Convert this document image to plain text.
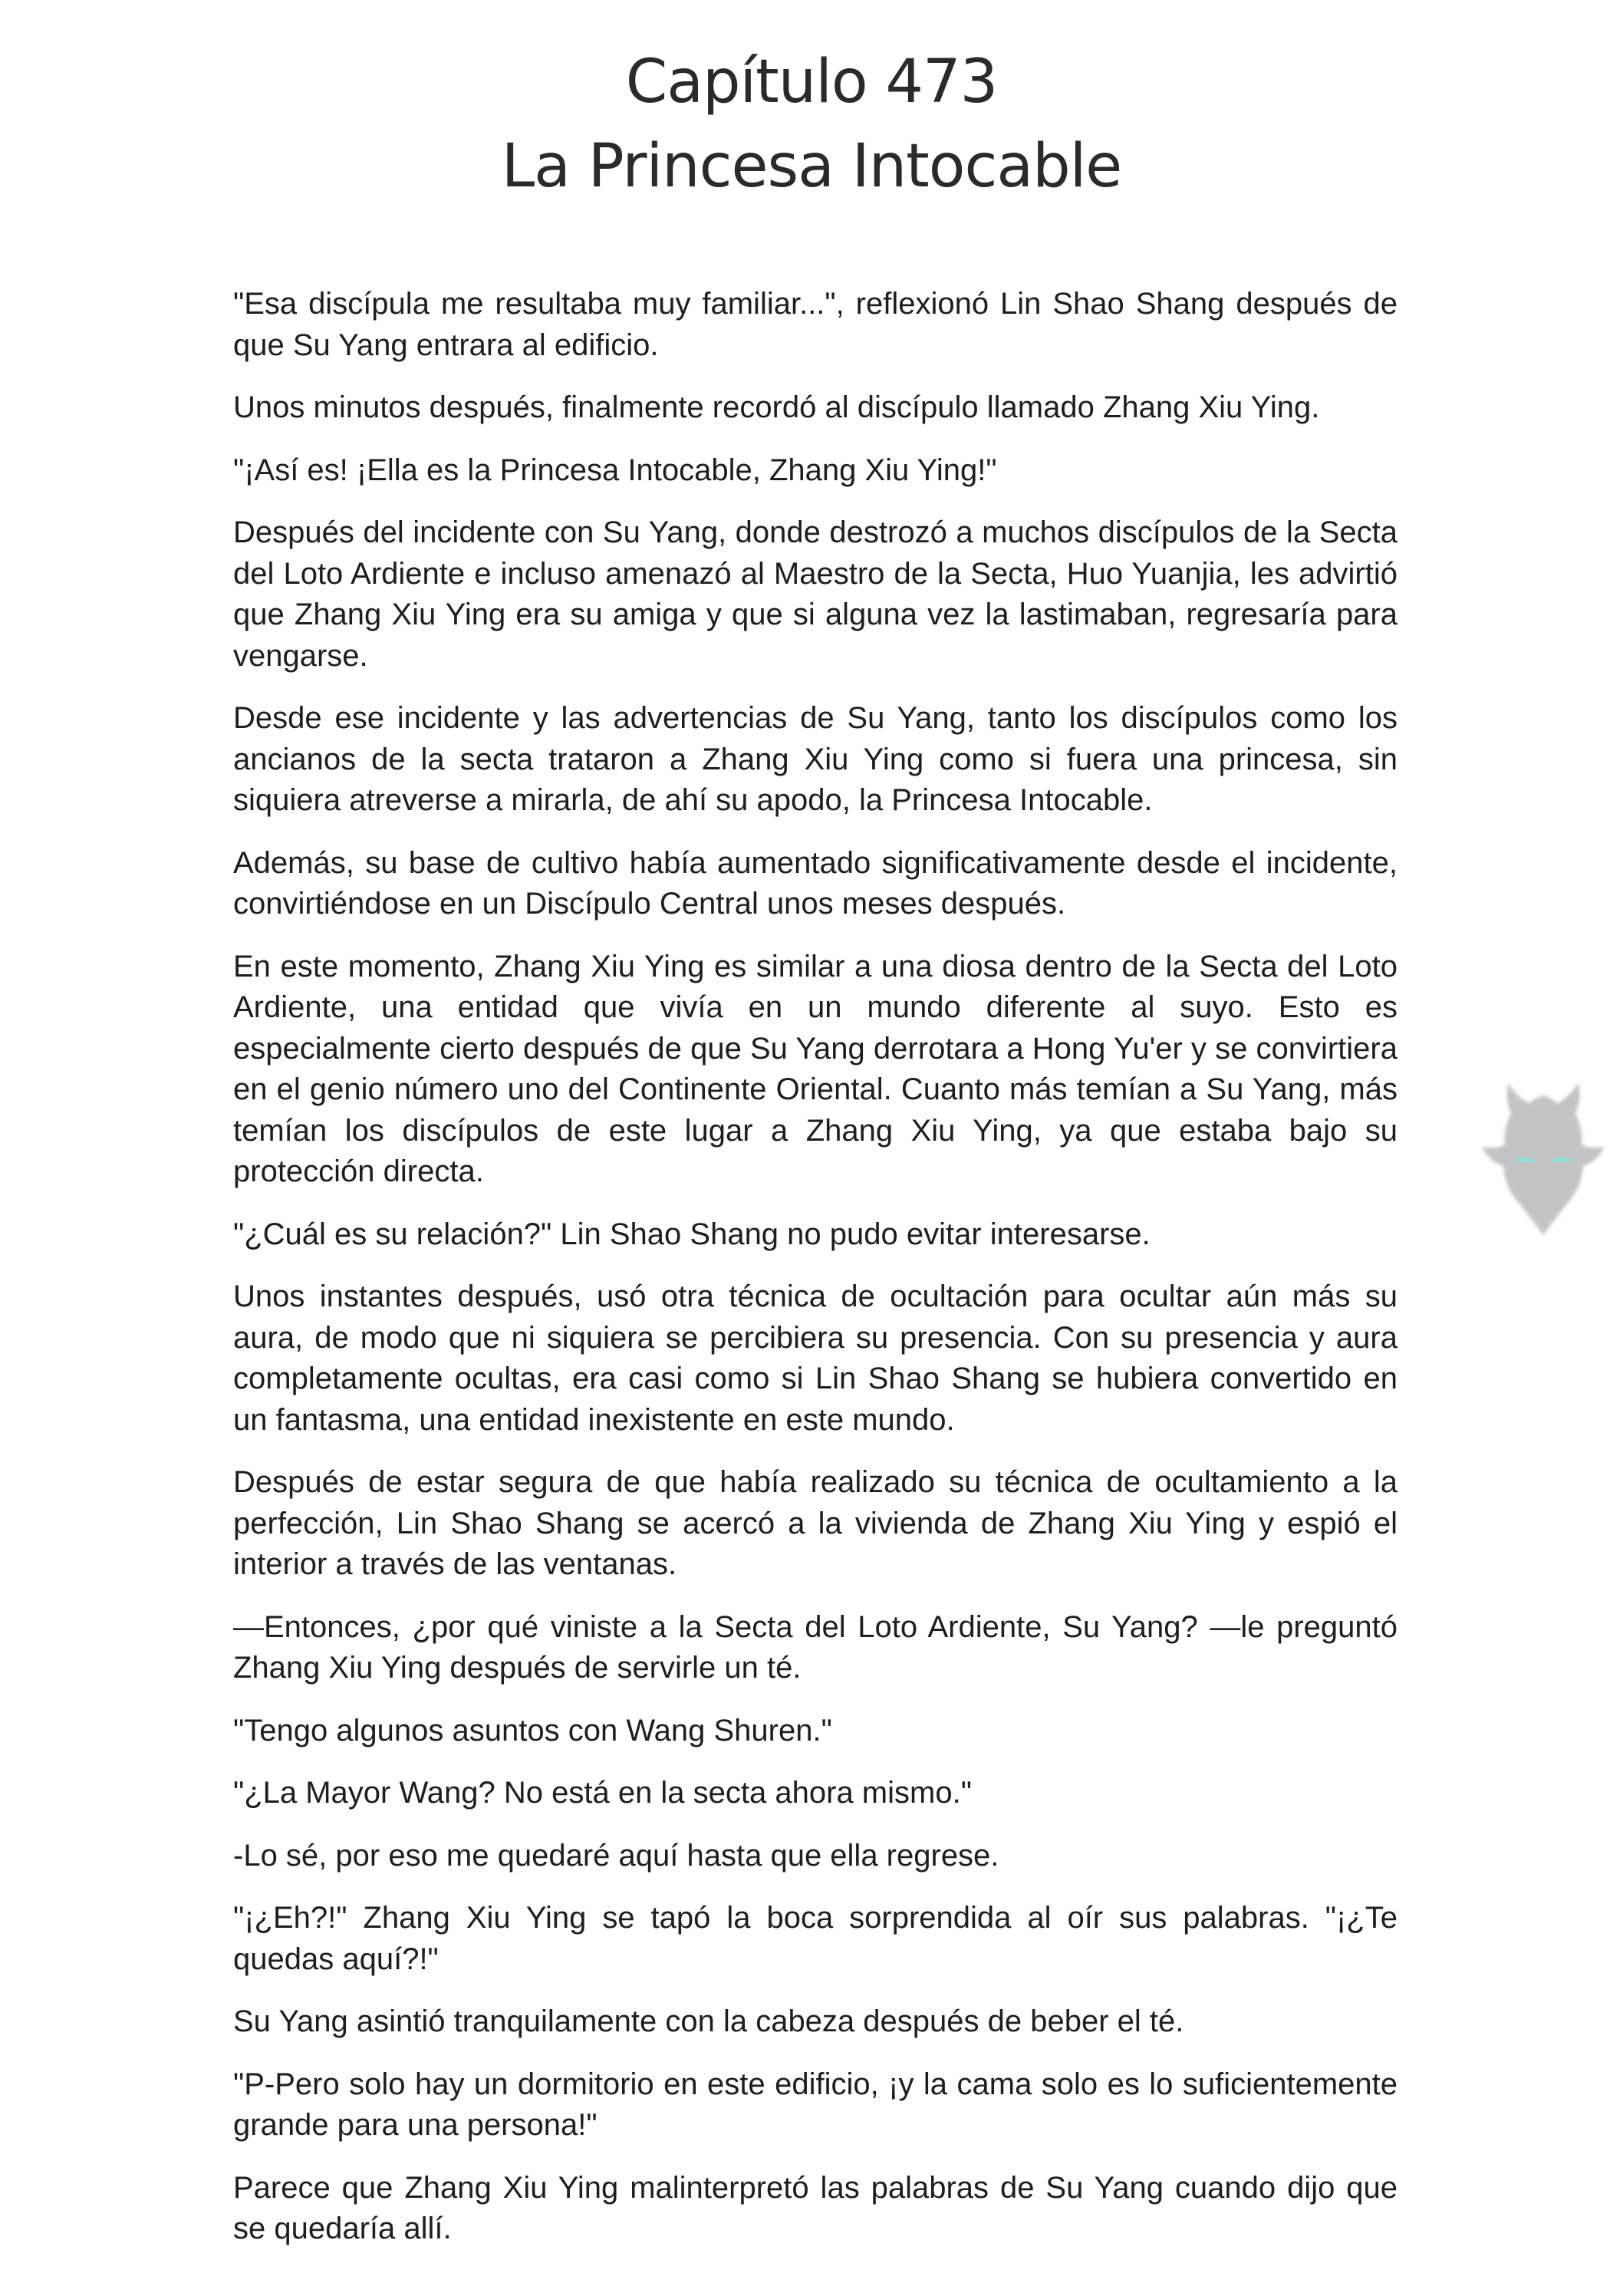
Capítulo 473
La Princesa Intocable

"Esa discípula me resultaba muy familiar...", reflexionó Lin Shao Shang después de que Su Yang entrara al edificio.

Unos minutos después, finalmente recordó al discípulo llamado Zhang Xiu Ying.

"¡Así es! ¡Ella es la Princesa Intocable, Zhang Xiu Ying!"

Después del incidente con Su Yang, donde destrozó a muchos discípulos de la Secta del Loto Ardiente e incluso amenazó al Maestro de la Secta, Huo Yuanjia, les advirtió que Zhang Xiu Ying era su amiga y que si alguna vez la lastimaban, regresaría para vengarse.

Desde ese incidente y las advertencias de Su Yang, tanto los discípulos como los ancianos de la secta trataron a Zhang Xiu Ying como si fuera una princesa, sin siquiera atreverse a mirarla, de ahí su apodo, la Princesa Intocable.

Además, su base de cultivo había aumentado significativamente desde el incidente, convirtiéndose en un Discípulo Central unos meses después.

En este momento, Zhang Xiu Ying es similar a una diosa dentro de la Secta del Loto Ardiente, una entidad que vivía en un mundo diferente al suyo. Esto es especialmente cierto después de que Su Yang derrotara a Hong Yu'er y se convirtiera en el genio número uno del Continente Oriental. Cuanto más temían a Su Yang, más temían los discípulos de este lugar a Zhang Xiu Ying, ya que estaba bajo su protección directa.

"¿Cuál es su relación?" Lin Shao Shang no pudo evitar interesarse.

Unos instantes después, usó otra técnica de ocultación para ocultar aún más su aura, de modo que ni siquiera se percibiera su presencia. Con su presencia y aura completamente ocultas, era casi como si Lin Shao Shang se hubiera convertido en un fantasma, una entidad inexistente en este mundo.

Después de estar segura de que había realizado su técnica de ocultamiento a la perfección, Lin Shao Shang se acercó a la vivienda de Zhang Xiu Ying y espió el interior a través de las ventanas.

—Entonces, ¿por qué viniste a la Secta del Loto Ardiente, Su Yang? —le preguntó Zhang Xiu Ying después de servirle un té.

"Tengo algunos asuntos con Wang Shuren."

"¿La Mayor Wang? No está en la secta ahora mismo."

-Lo sé, por eso me quedaré aquí hasta que ella regrese.

"¡¿Eh?!" Zhang Xiu Ying se tapó la boca sorprendida al oír sus palabras. "¡¿Te quedas aquí?!"

Su Yang asintió tranquilamente con la cabeza después de beber el té.

"P-Pero solo hay un dormitorio en este edificio, ¡y la cama solo es lo suficientemente grande para una persona!"

Parece que Zhang Xiu Ying malinterpretó las palabras de Su Yang cuando dijo que se quedaría allí.
